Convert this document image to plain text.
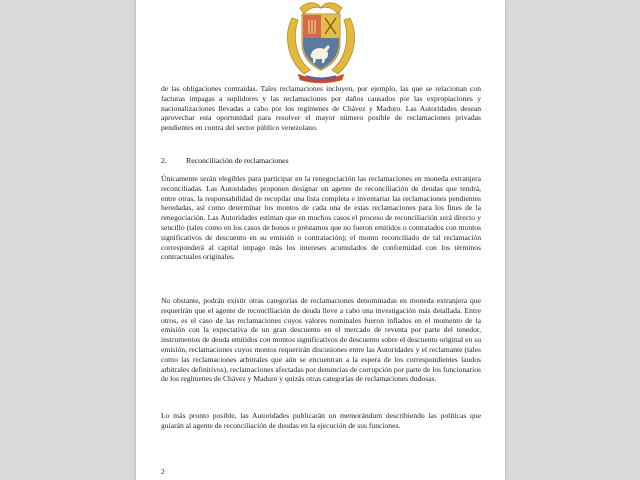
de las obligaciones contraídas. Tales reclamaciones incluyen, por ejemplo, las que se relacionan con facturas impagas a suplidores y las reclamaciones por daños causados por las expropiaciones y nacionalizaciones llevadas a cabo por los regímenes de Chávez y Maduro. Las Autoridades desean aprovechar esta oportunidad para resolver el mayor número posible de reclamaciones privadas pendientes en contra del sector público venezolano.

2. Reconciliación de reclamaciones

Únicamente serán elegibles para participar en la renegociación las reclamaciones en moneda extranjera reconciliadas. Las Autoridades proponen designar un agente de reconciliación de deudas que tendrá, entre otras, la responsabilidad de recopilar una lista completa e inventariar las reclamaciones pendientes heredadas, así como determinar los montos de cada una de estas reclamaciones para los fines de la renegociación. Las Autoridades estiman que en muchos casos el proceso de reconciliación será directo y sencillo (tales como en los casos de bonos o préstamos que no fueron emitidos o contratados con montos significativos de descuento en su emisión o contratación); el monto reconciliado de tal reclamación corresponderá al capital impago más los intereses acumulados de conformidad con los términos contractuales originales.

No obstante, podrán existir otras categorías de reclamaciones denominadas en moneda extranjera que requerirán que el agente de reconciliación de deuda lleve a cabo una investigación más detallada. Entre otros, es el caso de las reclamaciones cuyos valores nominales fueron inflados en el momento de la emisión con la expectativa de un gran descuento en el mercado de reventa por parte del tenedor, instrumentos de deuda emitidos con montos significativos de descuento sobre el descuento original en su emisión, reclamaciones cuyos montos requerirán discusiones entre las Autoridades y el reclamante (tales como las reclamaciones arbitrales que aún se encuentran a la espera de los correspondientes laudos arbitrales definitivos), reclamaciones afectadas por denuncias de corrupción por parte de los funcionarios de los regímenes de Chávez y Maduro y quizás otras categorías de reclamaciones dudosas.

Lo más pronto posible, las Autoridades publicarán un memorándum describiendo las políticas que guiarán al agente de reconciliación de deudas en la ejecución de sus funciones.

2
